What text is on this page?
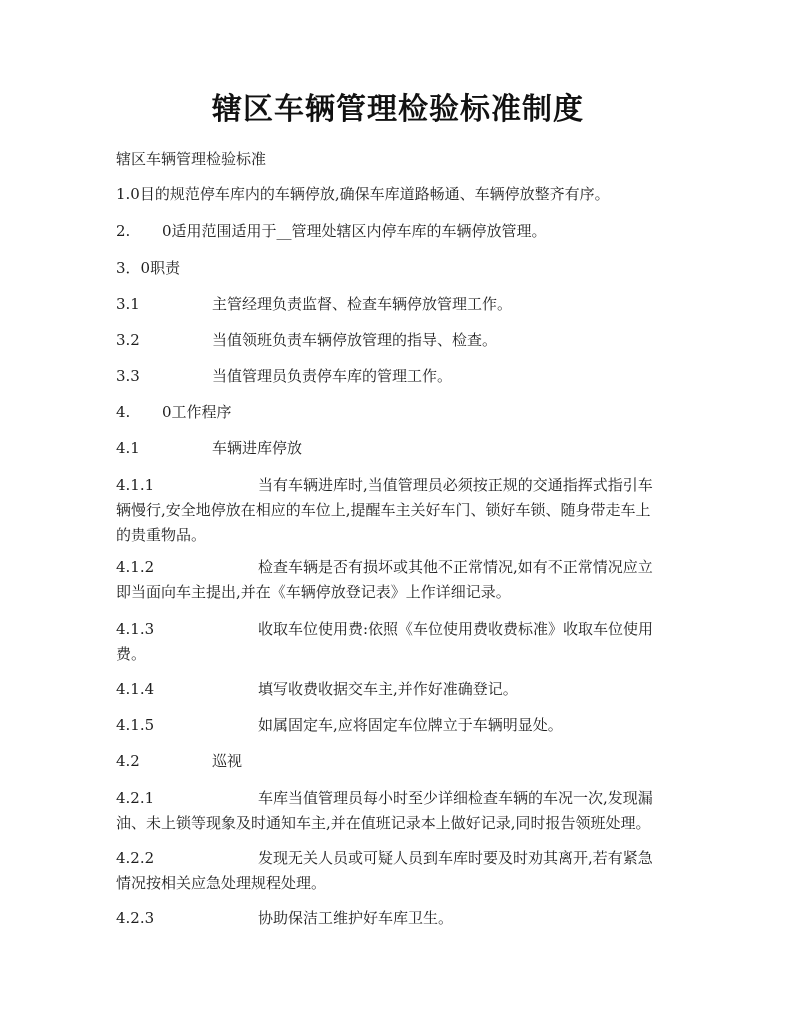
辖区车辆管理检验标准制度

辖区车辆管理检验标准

1.0目的规范停车库内的车辆停放,确保车库道路畅通、车辆停放整齐有序。

2. 0适用范围适用于__管理处辖区内停车库的车辆停放管理。

3．0职责

3.1	主管经理负责监督、检查车辆停放管理工作。

3.2	当值领班负责车辆停放管理的指导、检查。

3.3	当值管理员负责停车库的管理工作。

4. 0工作程序

4.1	车辆进库停放

4.1.1	当有车辆进库时,当值管理员必须按正规的交通指挥式指引车
辆慢行,安全地停放在相应的车位上,提醒车主关好车门、锁好车锁、随身带走车上
的贵重物品。

4.1.2	检查车辆是否有损坏或其他不正常情况,如有不正常情况应立
即当面向车主提出,并在《车辆停放登记表》上作详细记录。

4.1.3	收取车位使用费:依照《车位使用费收费标准》收取车位使用
费。

4.1.4	填写收费收据交车主,并作好准确登记。

4.1.5	如属固定车,应将固定车位牌立于车辆明显处。

4.2	巡视

4.2.1	车库当值管理员每小时至少详细检查车辆的车况一次,发现漏
油、未上锁等现象及时通知车主,并在值班记录本上做好记录,同时报告领班处理。

4.2.2	发现无关人员或可疑人员到车库时要及时劝其离开,若有紧急
情况按相关应急处理规程处理。

4.2.3	协助保洁工维护好车库卫生。
